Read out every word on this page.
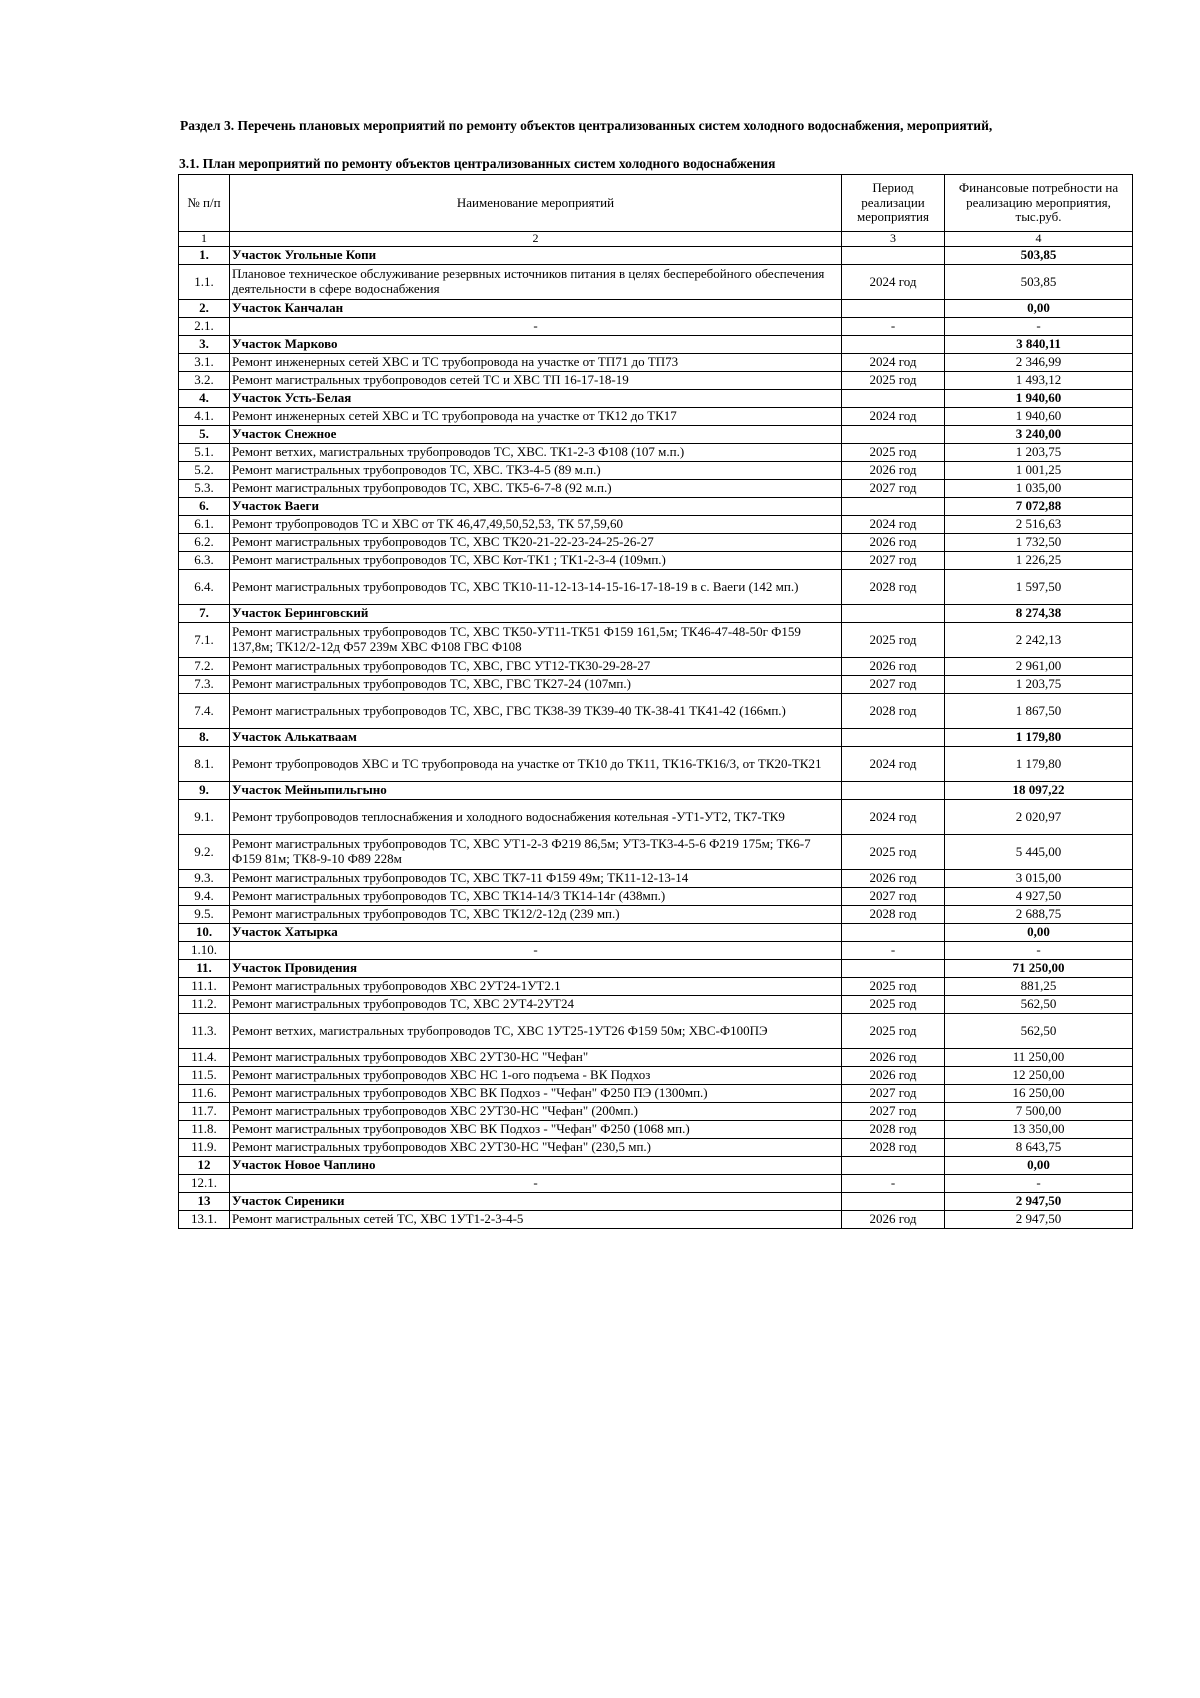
Раздел 3. Перечень плановых мероприятий по ремонту объектов централизованных систем холодного водоснабжения, мероприятий,
3.1. План мероприятий по ремонту объектов централизованных систем холодного водоснабжения
№ п/п	Наименование мероприятий	Период реализации мероприятия	Финансовые потребности на реализацию мероприятия, тыс.руб.
1	2	3	4
1.	Участок Угольные Копи		503,85
1.1.	Плановое техническое обслуживание резервных источников питания в целях бесперебойного обеспечения деятельности в сфере водоснабжения	2024 год	503,85
2.	Участок Канчалан		0,00
2.1.	-	-	-
3.	Участок Марково		3 840,11
3.1.	Ремонт инженерных сетей ХВС и ТС трубопровода на участке от ТП71 до ТП73	2024 год	2 346,99
3.2.	Ремонт магистральных трубопроводов сетей ТС и ХВС ТП 16-17-18-19	2025 год	1 493,12
4.	Участок Усть-Белая		1 940,60
4.1.	Ремонт инженерных сетей ХВС и ТС трубопровода на участке от ТК12 до ТК17	2024 год	1 940,60
5.	Участок Снежное		3 240,00
5.1.	Ремонт ветхих, магистральных трубопроводов ТС, ХВС. ТК1-2-3 Ф108 (107 м.п.)	2025 год	1 203,75
5.2.	Ремонт магистральных трубопроводов ТС, ХВС. ТК3-4-5 (89 м.п.)	2026 год	1 001,25
5.3.	Ремонт магистральных трубопроводов ТС, ХВС. ТК5-6-7-8 (92 м.п.)	2027 год	1 035,00
6.	Участок Ваеги		7 072,88
6.1.	Ремонт трубопроводов ТС и ХВС от ТК 46,47,49,50,52,53, ТК 57,59,60	2024 год	2 516,63
6.2.	Ремонт магистральных трубопроводов ТС, ХВС ТК20-21-22-23-24-25-26-27	2026 год	1 732,50
6.3.	Ремонт магистральных трубопроводов ТС, ХВС Кот-ТК1 ; ТК1-2-3-4 (109мп.)	2027 год	1 226,25
6.4.	Ремонт магистральных трубопроводов ТС, ХВС ТК10-11-12-13-14-15-16-17-18-19 в с. Ваеги (142 мп.)	2028 год	1 597,50
7.	Участок Беринговский		8 274,38
7.1.	Ремонт магистральных трубопроводов ТС, ХВС ТК50-УТ11-ТК51 Ф159 161,5м; ТК46-47-48-50г Ф159 137,8м; ТК12/2-12д Ф57 239м ХВС Ф108 ГВС Ф108	2025 год	2 242,13
7.2.	Ремонт магистральных трубопроводов ТС, ХВС, ГВС УТ12-ТК30-29-28-27	2026 год	2 961,00
7.3.	Ремонт магистральных трубопроводов ТС, ХВС, ГВС ТК27-24 (107мп.)	2027 год	1 203,75
7.4.	Ремонт магистральных трубопроводов ТС, ХВС, ГВС ТК38-39 ТК39-40 ТК-38-41 ТК41-42 (166мп.)	2028 год	1 867,50
8.	Участок Алькатваам		1 179,80
8.1.	Ремонт трубопроводов ХВС и ТС трубопровода на участке от ТК10 до ТК11, ТК16-ТК16/3, от ТК20-ТК21	2024 год	1 179,80
9.	Участок Мейныпильгыно		18 097,22
9.1.	Ремонт трубопроводов теплоснабжения и холодного водоснабжения котельная -УТ1-УТ2, ТК7-ТК9	2024 год	2 020,97
9.2.	Ремонт магистральных трубопроводов ТС, ХВС УТ1-2-3 Ф219 86,5м; УТ3-ТК3-4-5-6 Ф219 175м; ТК6-7 Ф159 81м; ТК8-9-10 Ф89 228м	2025 год	5 445,00
9.3.	Ремонт магистральных трубопроводов ТС, ХВС ТК7-11 Ф159 49м; ТК11-12-13-14	2026 год	3 015,00
9.4.	Ремонт магистральных трубопроводов ТС, ХВС ТК14-14/3 ТК14-14г (438мп.)	2027 год	4 927,50
9.5.	Ремонт магистральных трубопроводов ТС, ХВС ТК12/2-12д (239 мп.)	2028 год	2 688,75
10.	Участок Хатырка		0,00
1.10.	-	-	-
11.	Участок Провидения		71 250,00
11.1.	Ремонт магистральных трубопроводов ХВС 2УТ24-1УТ2.1	2025 год	881,25
11.2.	Ремонт магистральных трубопроводов ТС, ХВС 2УТ4-2УТ24	2025 год	562,50
11.3.	Ремонт ветхих, магистральных трубопроводов ТС, ХВС 1УТ25-1УТ26 Ф159 50м; ХВС-Ф100ПЭ	2025 год	562,50
11.4.	Ремонт магистральных трубопроводов ХВС 2УТ30-НС "Чефан"	2026 год	11 250,00
11.5.	Ремонт магистральных трубопроводов ХВС НС 1-ого подъема - ВК Подхоз	2026 год	12 250,00
11.6.	Ремонт магистральных трубопроводов ХВС ВК Подхоз - "Чефан" Ф250 ПЭ (1300мп.)	2027 год	16 250,00
11.7.	Ремонт магистральных трубопроводов ХВС 2УТ30-НС "Чефан" (200мп.)	2027 год	7 500,00
11.8.	Ремонт магистральных трубопроводов ХВС ВК Подхоз - "Чефан" Ф250 (1068 мп.)	2028 год	13 350,00
11.9.	Ремонт магистральных трубопроводов ХВС 2УТ30-НС "Чефан" (230,5 мп.)	2028 год	8 643,75
12	Участок Новое Чаплино		0,00
12.1.	-	-	-
13	Участок Сиреники		2 947,50
13.1.	Ремонт магистральных сетей ТС, ХВС 1УТ1-2-3-4-5	2026 год	2 947,50
